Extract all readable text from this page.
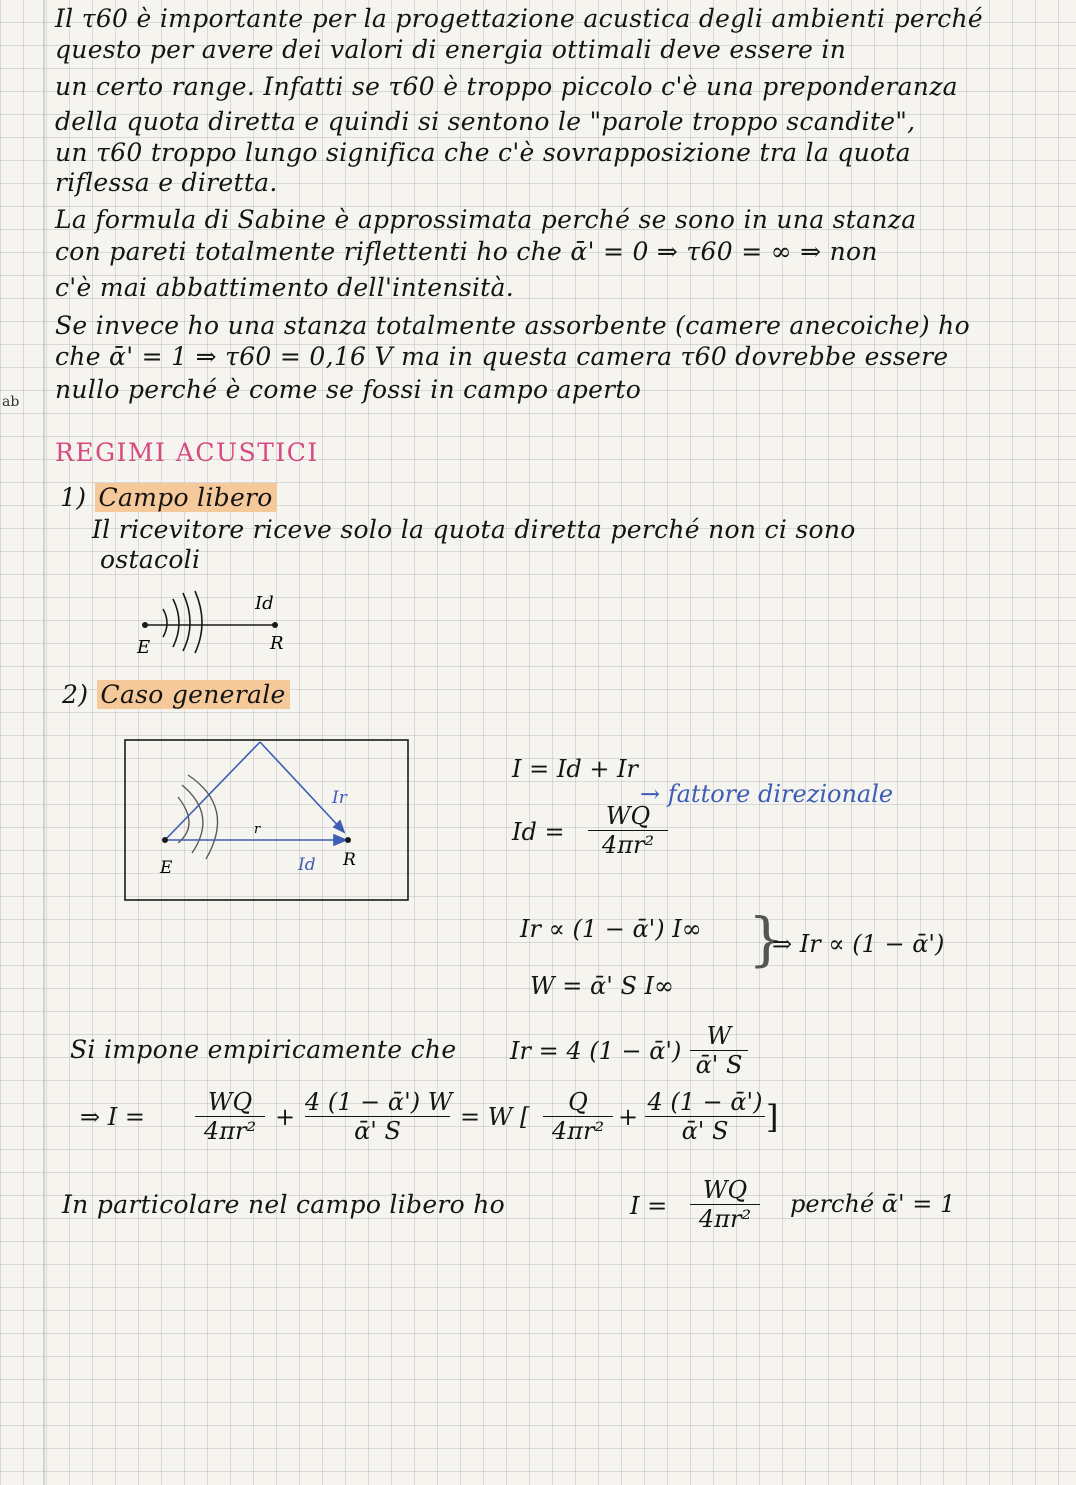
Il τ60 è importante per la progettazione acustica degli ambienti perché
questo per avere dei valori di energia ottimali deve essere in
un certo range. Infatti se τ60 è troppo piccolo c'è una preponderanza
della quota diretta e quindi si sentono le "parole troppo scandite",
un τ60 troppo lungo significa che c'è sovrapposizione tra la quota
riflessa e diretta.
La formula di Sabine è approssimata perché se sono in una stanza
con pareti totalmente riflettenti ho che ᾱ' = 0 ⇒ τ60 = ∞ ⇒ non
c'è mai abbattimento dell'intensità.
Se invece ho una stanza totalmente assorbente (camere anecoiche) ho
che ᾱ' = 1 ⇒ τ60 = 0,16 V ma in questa camera τ60 dovrebbe essere
nullo perché è come se fossi in campo aperto
ab
REGIMI ACUSTICI
1) Campo libero
Il ricevitore riceve solo la quota diretta perché non ci sono
ostacoli
E	R
Id
2) Caso generale
E	R
Id
Ir
r
I = Id + Ir
$Id = \frac{WQ}{\text{4πr²}}$
→ fattore direzionale
Ir ∝ (1 − ᾱ') I∞
W = ᾱ' S I∞
}
⇒ Ir ∝ (1 − ᾱ')
Si impone empiricamente che Ir = 4 (1 − ᾱ') $\frac{W}{\text{ᾱ' S}}$
⇒ $I = \frac{WQ}{\text{4πr²}} + \frac{\text{4 (1 − ᾱ') W}}{\text{ᾱ' S}} = W$ [ $\frac{Q}{\text{4πr²}} + \frac{\text{4 (1 − ᾱ')}}{\text{ᾱ' S}}$ ]
In particolare nel campo libero ho	$I = \frac{WQ}{\text{4πr²}}$ perché ᾱ' = 1
